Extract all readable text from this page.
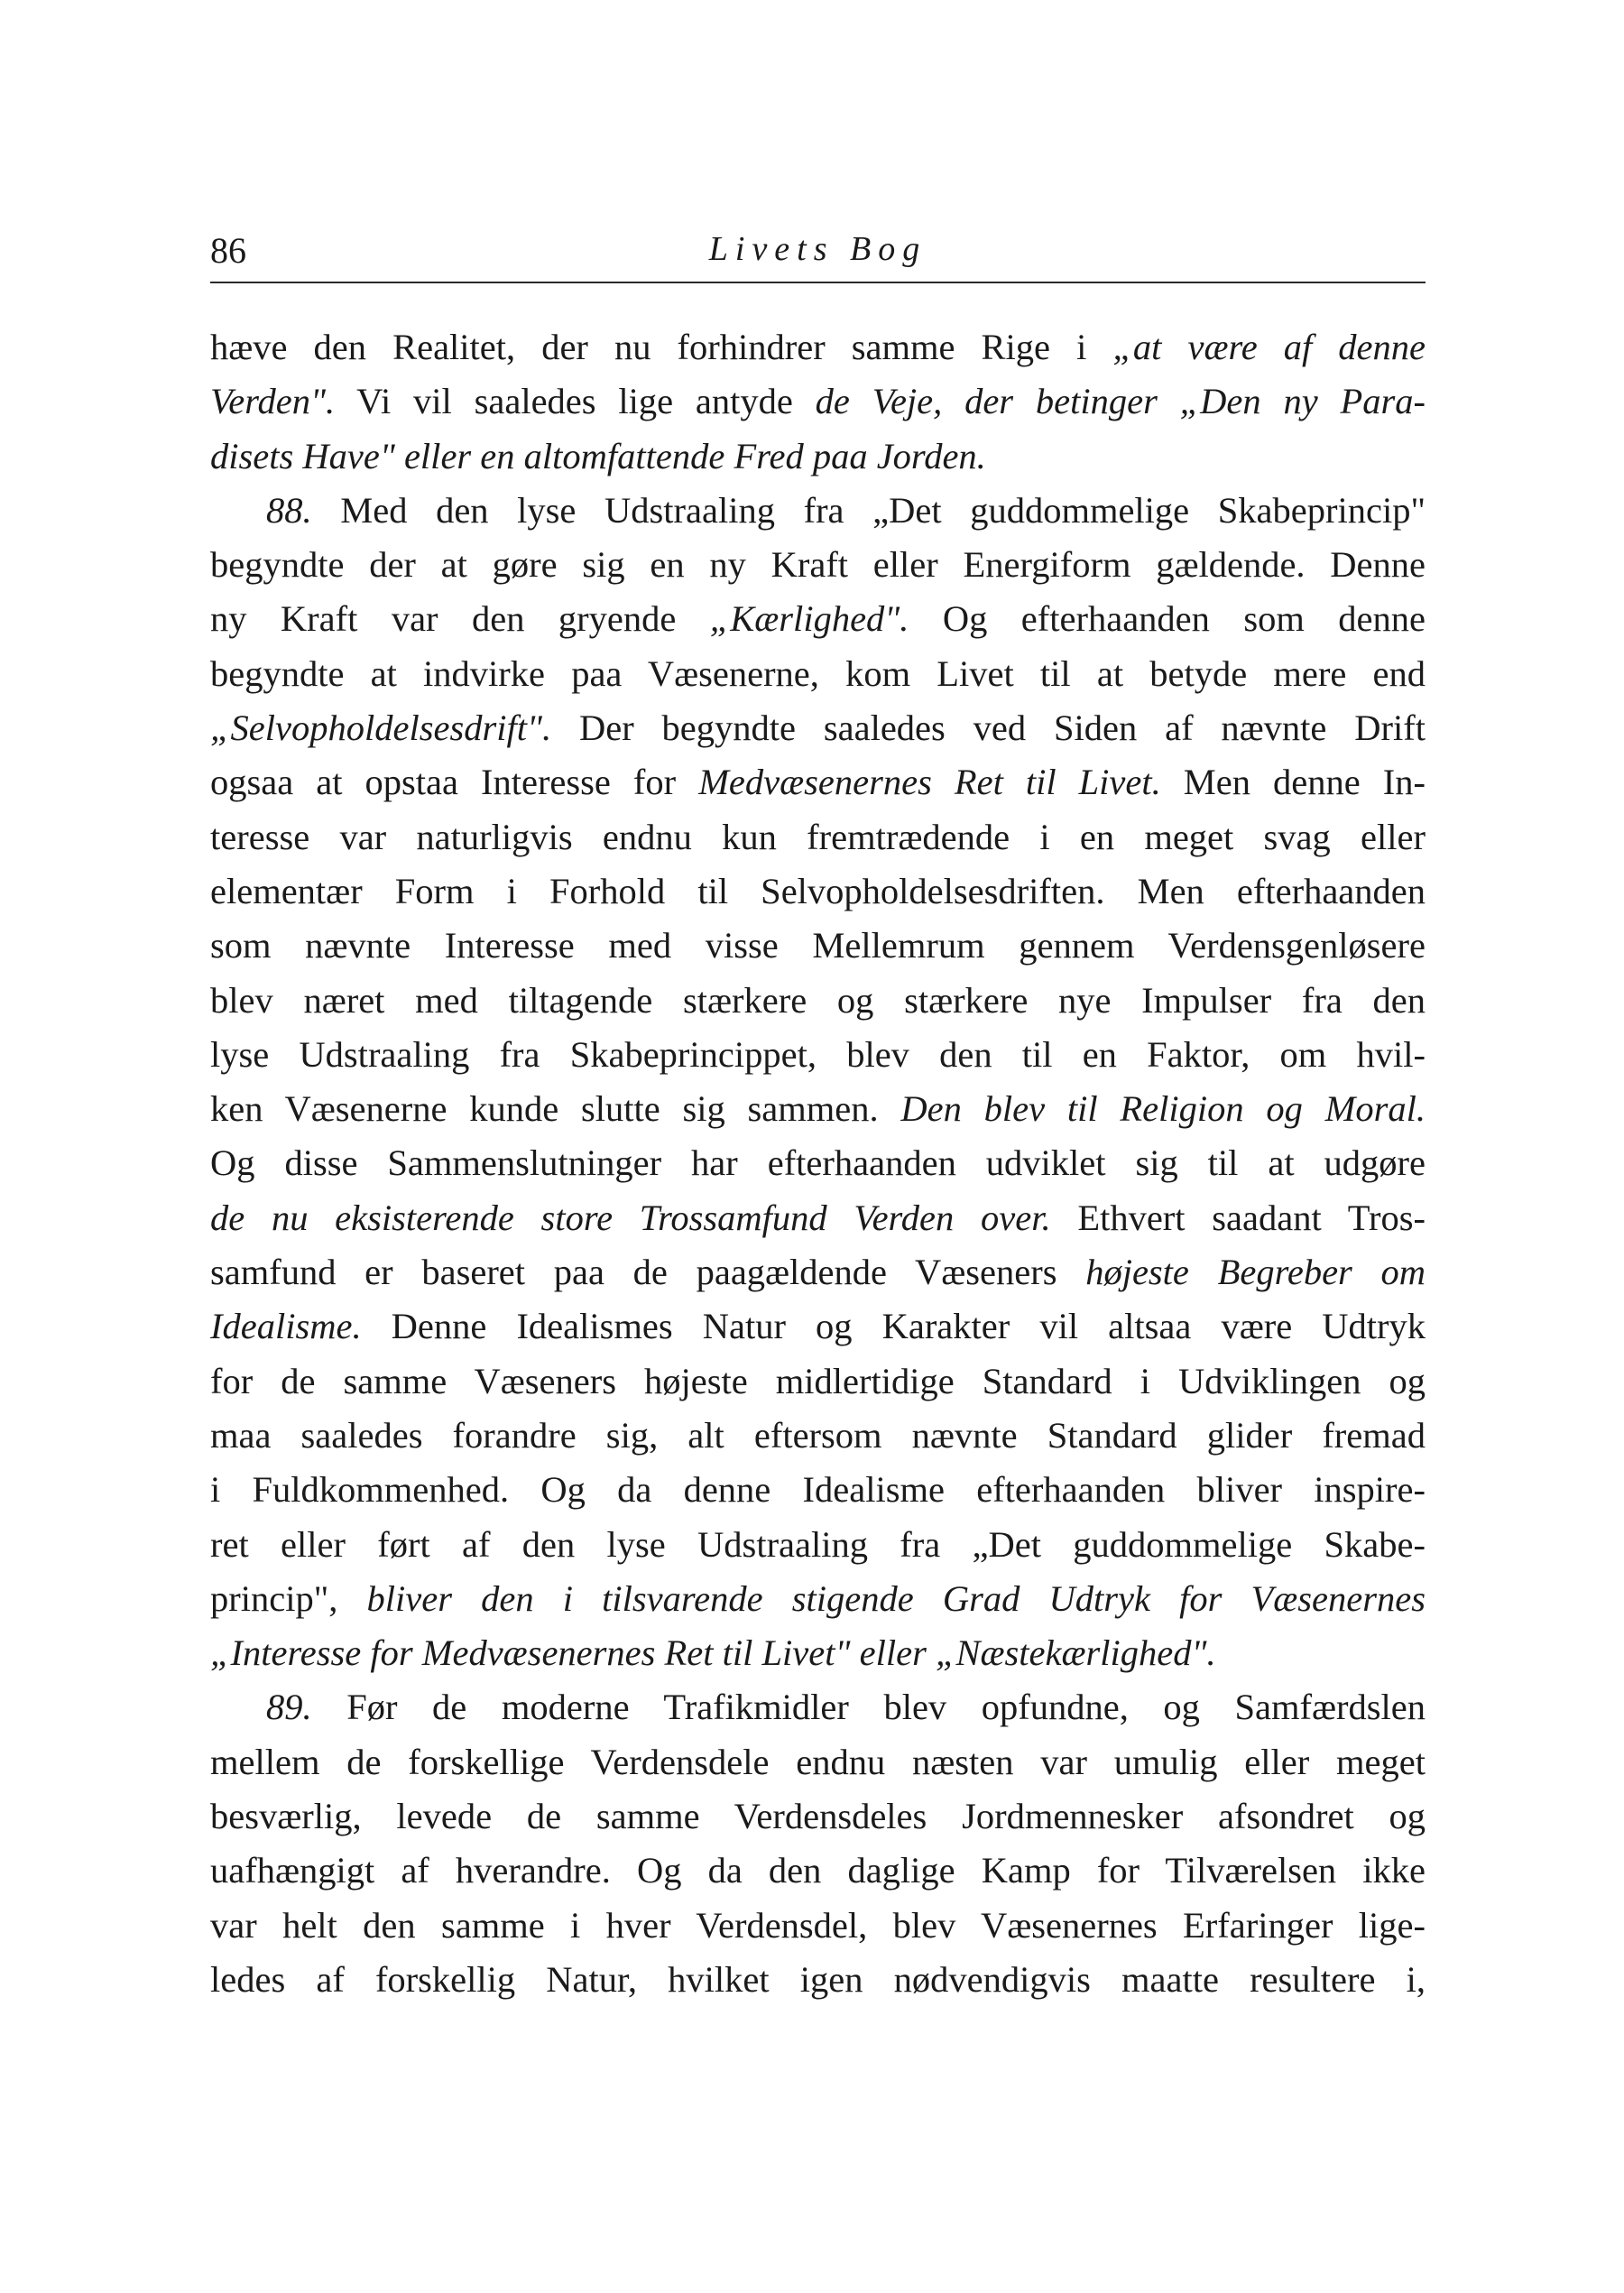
86	Livets Bog
hæve den Realitet, der nu forhindrer samme Rige i „at være af denne
Verden". Vi vil saaledes lige antyde de Veje, der betinger „Den ny Para-
disets Have" eller en altomfattende Fred paa Jorden.
88. Med den lyse Udstraaling fra „Det guddommelige Skabeprincip"
begyndte der at gøre sig en ny Kraft eller Energiform gældende. Denne
ny Kraft var den gryende „Kærlighed". Og efterhaanden som denne
begyndte at indvirke paa Væsenerne, kom Livet til at betyde mere end
„Selvopholdelsesdrift". Der begyndte saaledes ved Siden af nævnte Drift
ogsaa at opstaa Interesse for Medvæsenernes Ret til Livet. Men denne In-
teresse var naturligvis endnu kun fremtrædende i en meget svag eller
elementær Form i Forhold til Selvopholdelsesdriften. Men efterhaanden
som nævnte Interesse med visse Mellemrum gennem Verdensgenløsere
blev næret med tiltagende stærkere og stærkere nye Impulser fra den
lyse Udstraaling fra Skabeprincippet, blev den til en Faktor, om hvil-
ken Væsenerne kunde slutte sig sammen. Den blev til Religion og Moral.
Og disse Sammenslutninger har efterhaanden udviklet sig til at udgøre
de nu eksisterende store Trossamfund Verden over. Ethvert saadant Tros-
samfund er baseret paa de paagældende Væseners højeste Begreber om
Idealisme. Denne Idealismes Natur og Karakter vil altsaa være Udtryk
for de samme Væseners højeste midlertidige Standard i Udviklingen og
maa saaledes forandre sig, alt eftersom nævnte Standard glider fremad
i Fuldkommenhed. Og da denne Idealisme efterhaanden bliver inspire-
ret eller ført af den lyse Udstraaling fra „Det guddommelige Skabe-
princip", bliver den i tilsvarende stigende Grad Udtryk for Væsenernes
„Interesse for Medvæsenernes Ret til Livet" eller „Næstekærlighed".
89. Før de moderne Trafikmidler blev opfundne, og Samfærdslen
mellem de forskellige Verdensdele endnu næsten var umulig eller meget
besværlig, levede de samme Verdensdeles Jordmennesker afsondret og
uafhængigt af hverandre. Og da den daglige Kamp for Tilværelsen ikke
var helt den samme i hver Verdensdel, blev Væsenernes Erfaringer lige-
ledes af forskellig Natur, hvilket igen nødvendigvis maatte resultere i,
